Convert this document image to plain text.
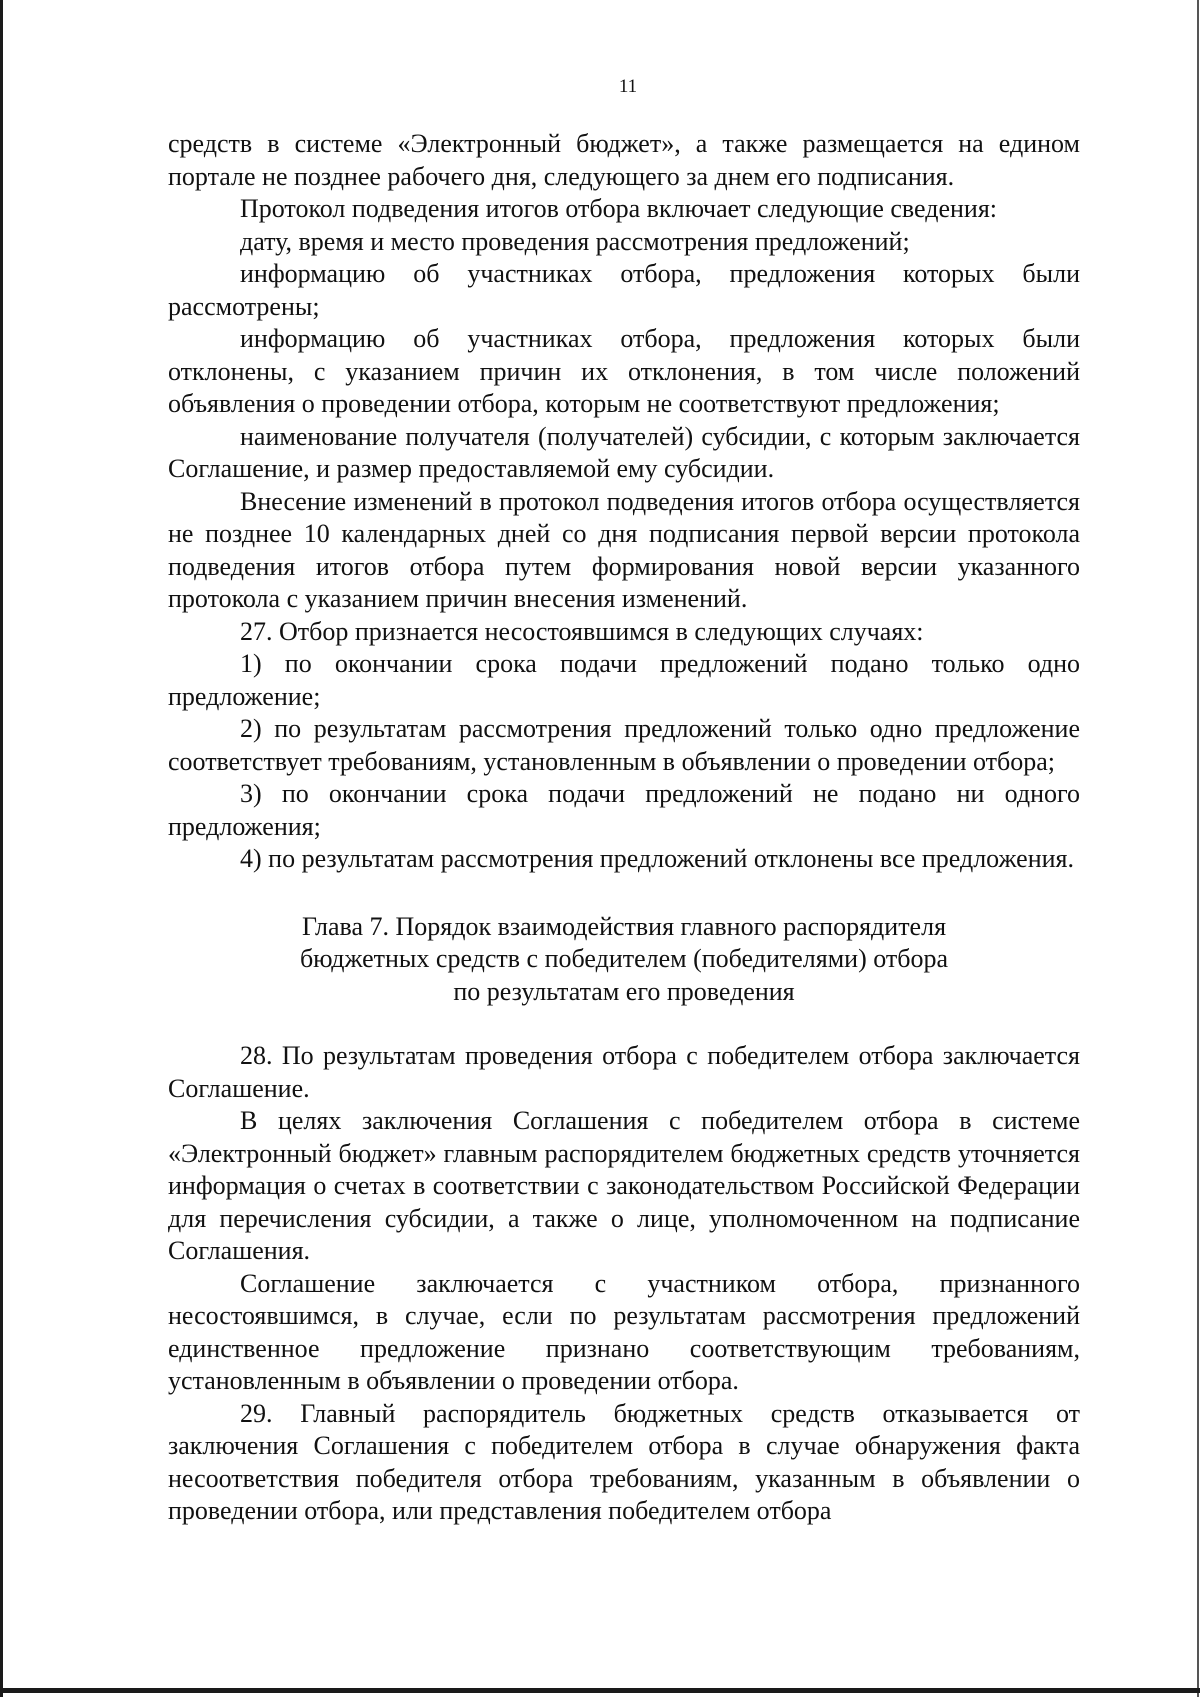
11

средств в системе «Электронный бюджет», а также размещается на едином портале не позднее рабочего дня, следующего за днем его подписания.

Протокол подведения итогов отбора включает следующие сведения:

дату, время и место проведения рассмотрения предложений;

информацию об участниках отбора, предложения которых были рассмотрены;

информацию об участниках отбора, предложения которых были отклонены, с указанием причин их отклонения, в том числе положений объявления о проведении отбора, которым не соответствуют предложения;

наименование получателя (получателей) субсидии, с которым заключается Соглашение, и размер предоставляемой ему субсидии.

Внесение изменений в протокол подведения итогов отбора осуществляется не позднее 10 календарных дней со дня подписания первой версии протокола подведения итогов отбора путем формирования новой версии указанного протокола с указанием причин внесения изменений.

27. Отбор признается несостоявшимся в следующих случаях:

1) по окончании срока подачи предложений подано только одно предложение;

2) по результатам рассмотрения предложений только одно предложение соответствует требованиям, установленным в объявлении о проведении отбора;

3) по окончании срока подачи предложений не подано ни одного предложения;

4) по результатам рассмотрения предложений отклонены все предложения.

Глава 7. Порядок взаимодействия главного распорядителя
бюджетных средств с победителем (победителями) отбора
по результатам его проведения

28. По результатам проведения отбора с победителем отбора заключается Соглашение.

В целях заключения Соглашения с победителем отбора в системе «Электронный бюджет» главным распорядителем бюджетных средств уточняется информация о счетах в соответствии с законодательством Российской Федерации для перечисления субсидии, а также о лице, уполномоченном на подписание Соглашения.

Соглашение заключается с участником отбора, признанного несостоявшимся, в случае, если по результатам рассмотрения предложений единственное предложение признано соответствующим требованиям, установленным в объявлении о проведении отбора.

29. Главный распорядитель бюджетных средств отказывается от заключения Соглашения с победителем отбора в случае обнаружения факта несоответствия победителя отбора требованиям, указанным в объявлении о проведении отбора, или представления победителем отбора
